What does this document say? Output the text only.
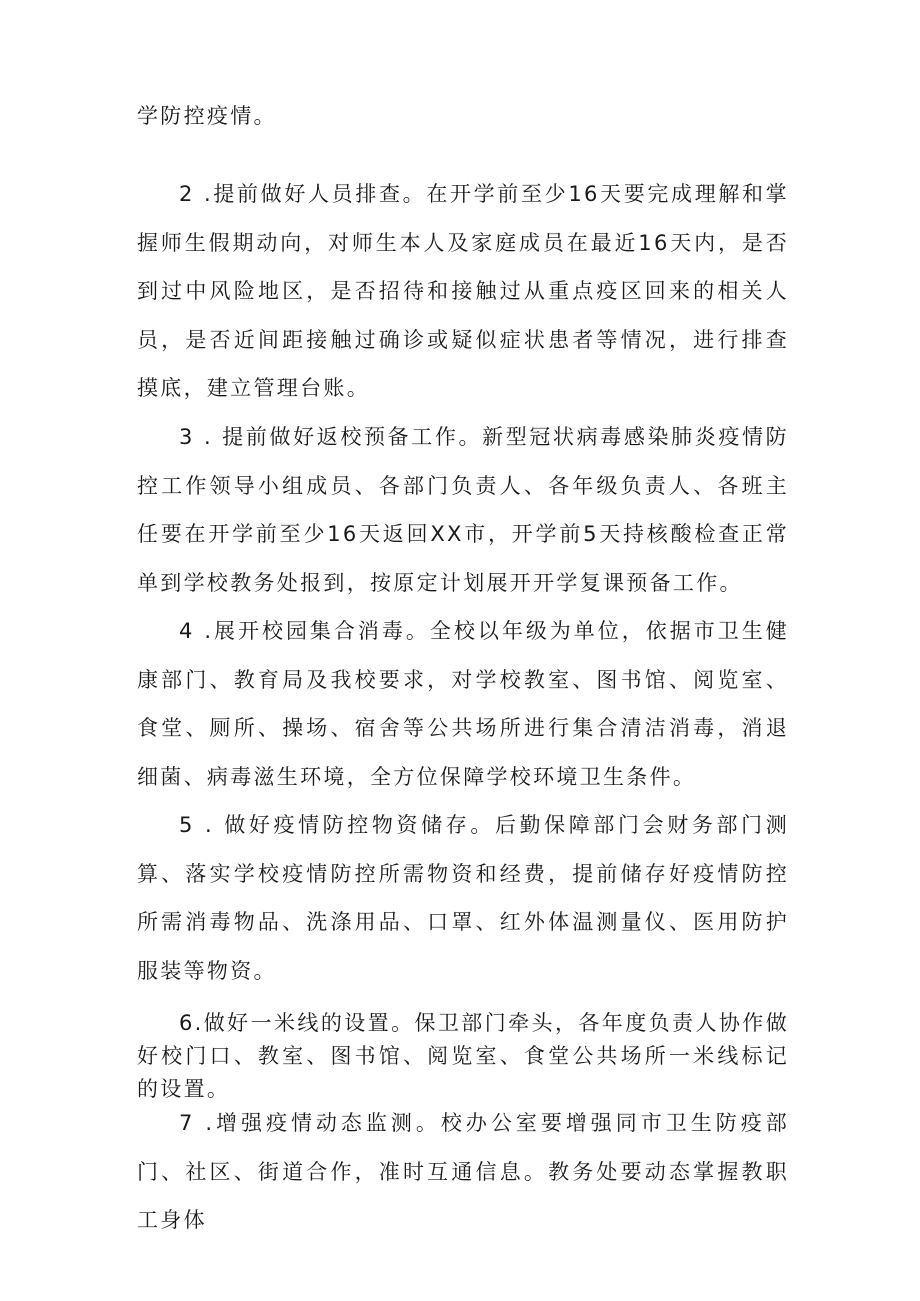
学防控疫情。

2 .提前做好人员排查。在开学前至少16天要完成理解和掌握师生假期动向，对师生本人及家庭成员在最近16天内，是否到过中风险地区，是否招待和接触过从重点疫区回来的相关人员，是否近间距接触过确诊或疑似症状患者等情况，进行排查摸底，建立管理台账。

3 . 提前做好返校预备工作。新型冠状病毒感染肺炎疫情防控工作领导小组成员、各部门负责人、各年级负责人、各班主任要在开学前至少16天返回XX市，开学前5天持核酸检查正常单到学校教务处报到，按原定计划展开开学复课预备工作。

4 .展开校园集合消毒。全校以年级为单位，依据市卫生健康部门、教育局及我校要求，对学校教室、图书馆、阅览室、食堂、厕所、操场、宿舍等公共场所进行集合清洁消毒，消退细菌、病毒滋生环境，全方位保障学校环境卫生条件。

5 . 做好疫情防控物资储存。后勤保障部门会财务部门测算、落实学校疫情防控所需物资和经费，提前储存好疫情防控所需消毒物品、洗涤用品、口罩、红外体温测量仪、医用防护服装等物资。

6.做好一米线的设置。保卫部门牵头，各年度负责人协作做好校门口、教室、图书馆、阅览室、食堂公共场所一米线标记的设置。

7 .增强疫情动态监测。校办公室要增强同市卫生防疫部门、社区、街道合作，准时互通信息。教务处要动态掌握教职工身体
